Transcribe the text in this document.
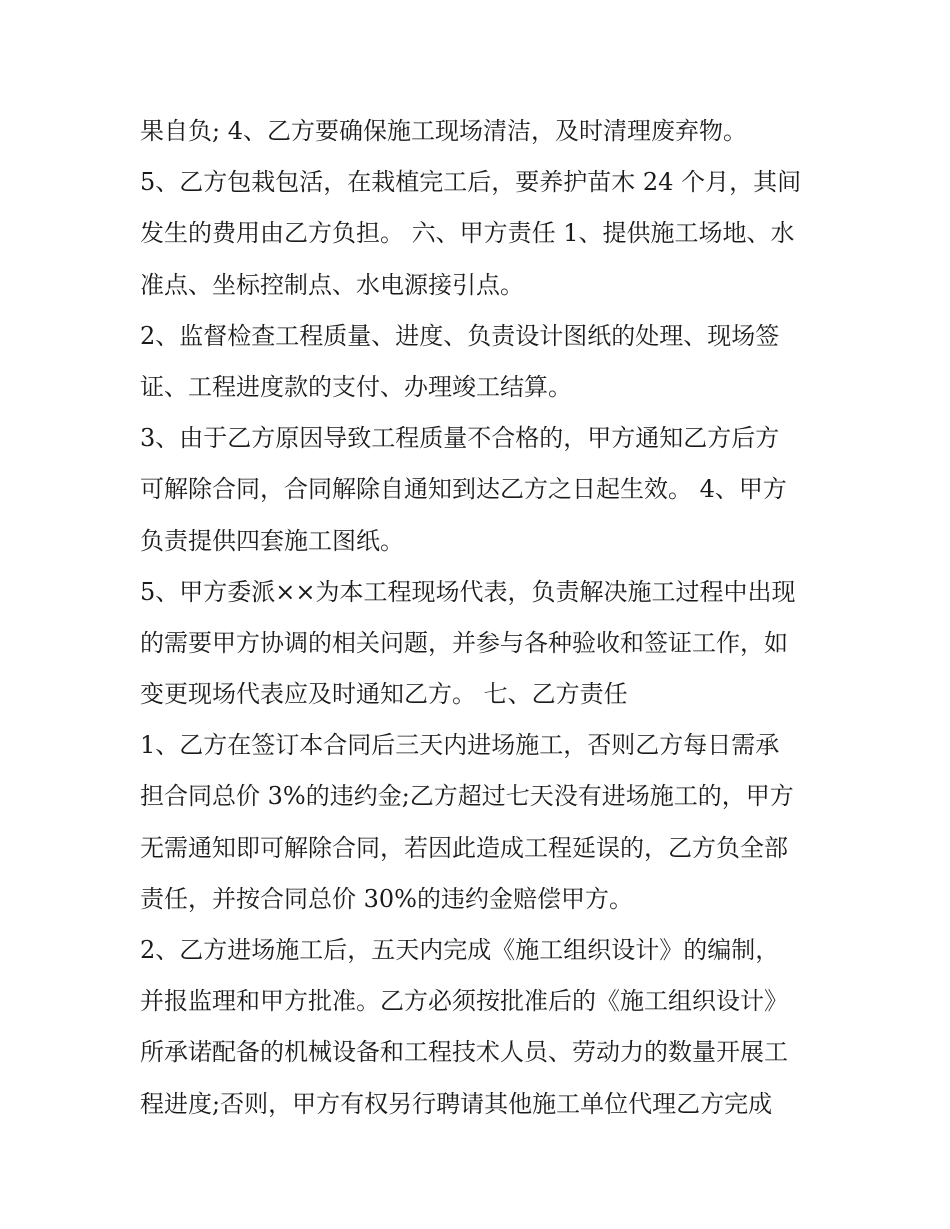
果自负; 4、乙方要确保施工现场清洁，及时清理废弃物。
5、乙方包栽包活，在栽植完工后，要养护苗木 24 个月，其间
发生的费用由乙方负担。 六、甲方责任 1、提供施工场地、水
准点、坐标控制点、水电源接引点。
2、监督检查工程质量、进度、负责设计图纸的处理、现场签
证、工程进度款的支付、办理竣工结算。
3、由于乙方原因导致工程质量不合格的，甲方通知乙方后方
可解除合同，合同解除自通知到达乙方之日起生效。 4、甲方
负责提供四套施工图纸。
5、甲方委派××为本工程现场代表，负责解决施工过程中出现
的需要甲方协调的相关问题，并参与各种验收和签证工作，如
变更现场代表应及时通知乙方。 七、乙方责任
1、乙方在签订本合同后三天内进场施工，否则乙方每日需承
担合同总价 3%的违约金;乙方超过七天没有进场施工的，甲方
无需通知即可解除合同，若因此造成工程延误的，乙方负全部
责任，并按合同总价 30%的违约金赔偿甲方。
2、乙方进场施工后，五天内完成《施工组织设计》的编制，
并报监理和甲方批准。乙方必须按批准后的《施工组织设计》
所承诺配备的机械设备和工程技术人员、劳动力的数量开展工
程进度;否则，甲方有权另行聘请其他施工单位代理乙方完成
